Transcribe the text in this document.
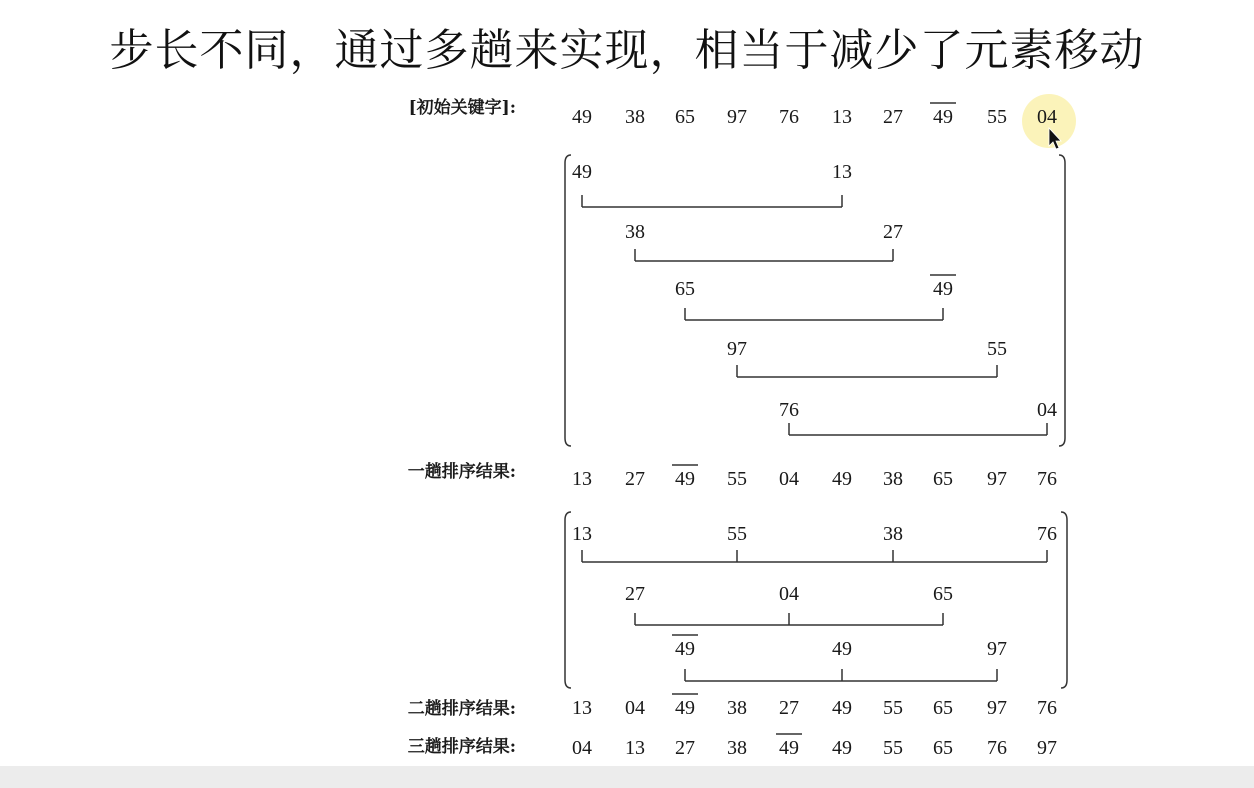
步长不同，通过多趟来实现，相当于减少了元素移动
[初始关键字]:	49 38 65 97 76 13 27 49 55 04
49	13
38	27
65	49
97	55
76	04
一趟排序结果:	13 27 49 55 04 49 38 65 97 76
13	55	38	76
27	04	65
49	49	97
二趟排序结果:	13 04 49 38 27 49 55 65 97 76
三趟排序结果:	04 13 27 38 49 49 55 65 76 97
